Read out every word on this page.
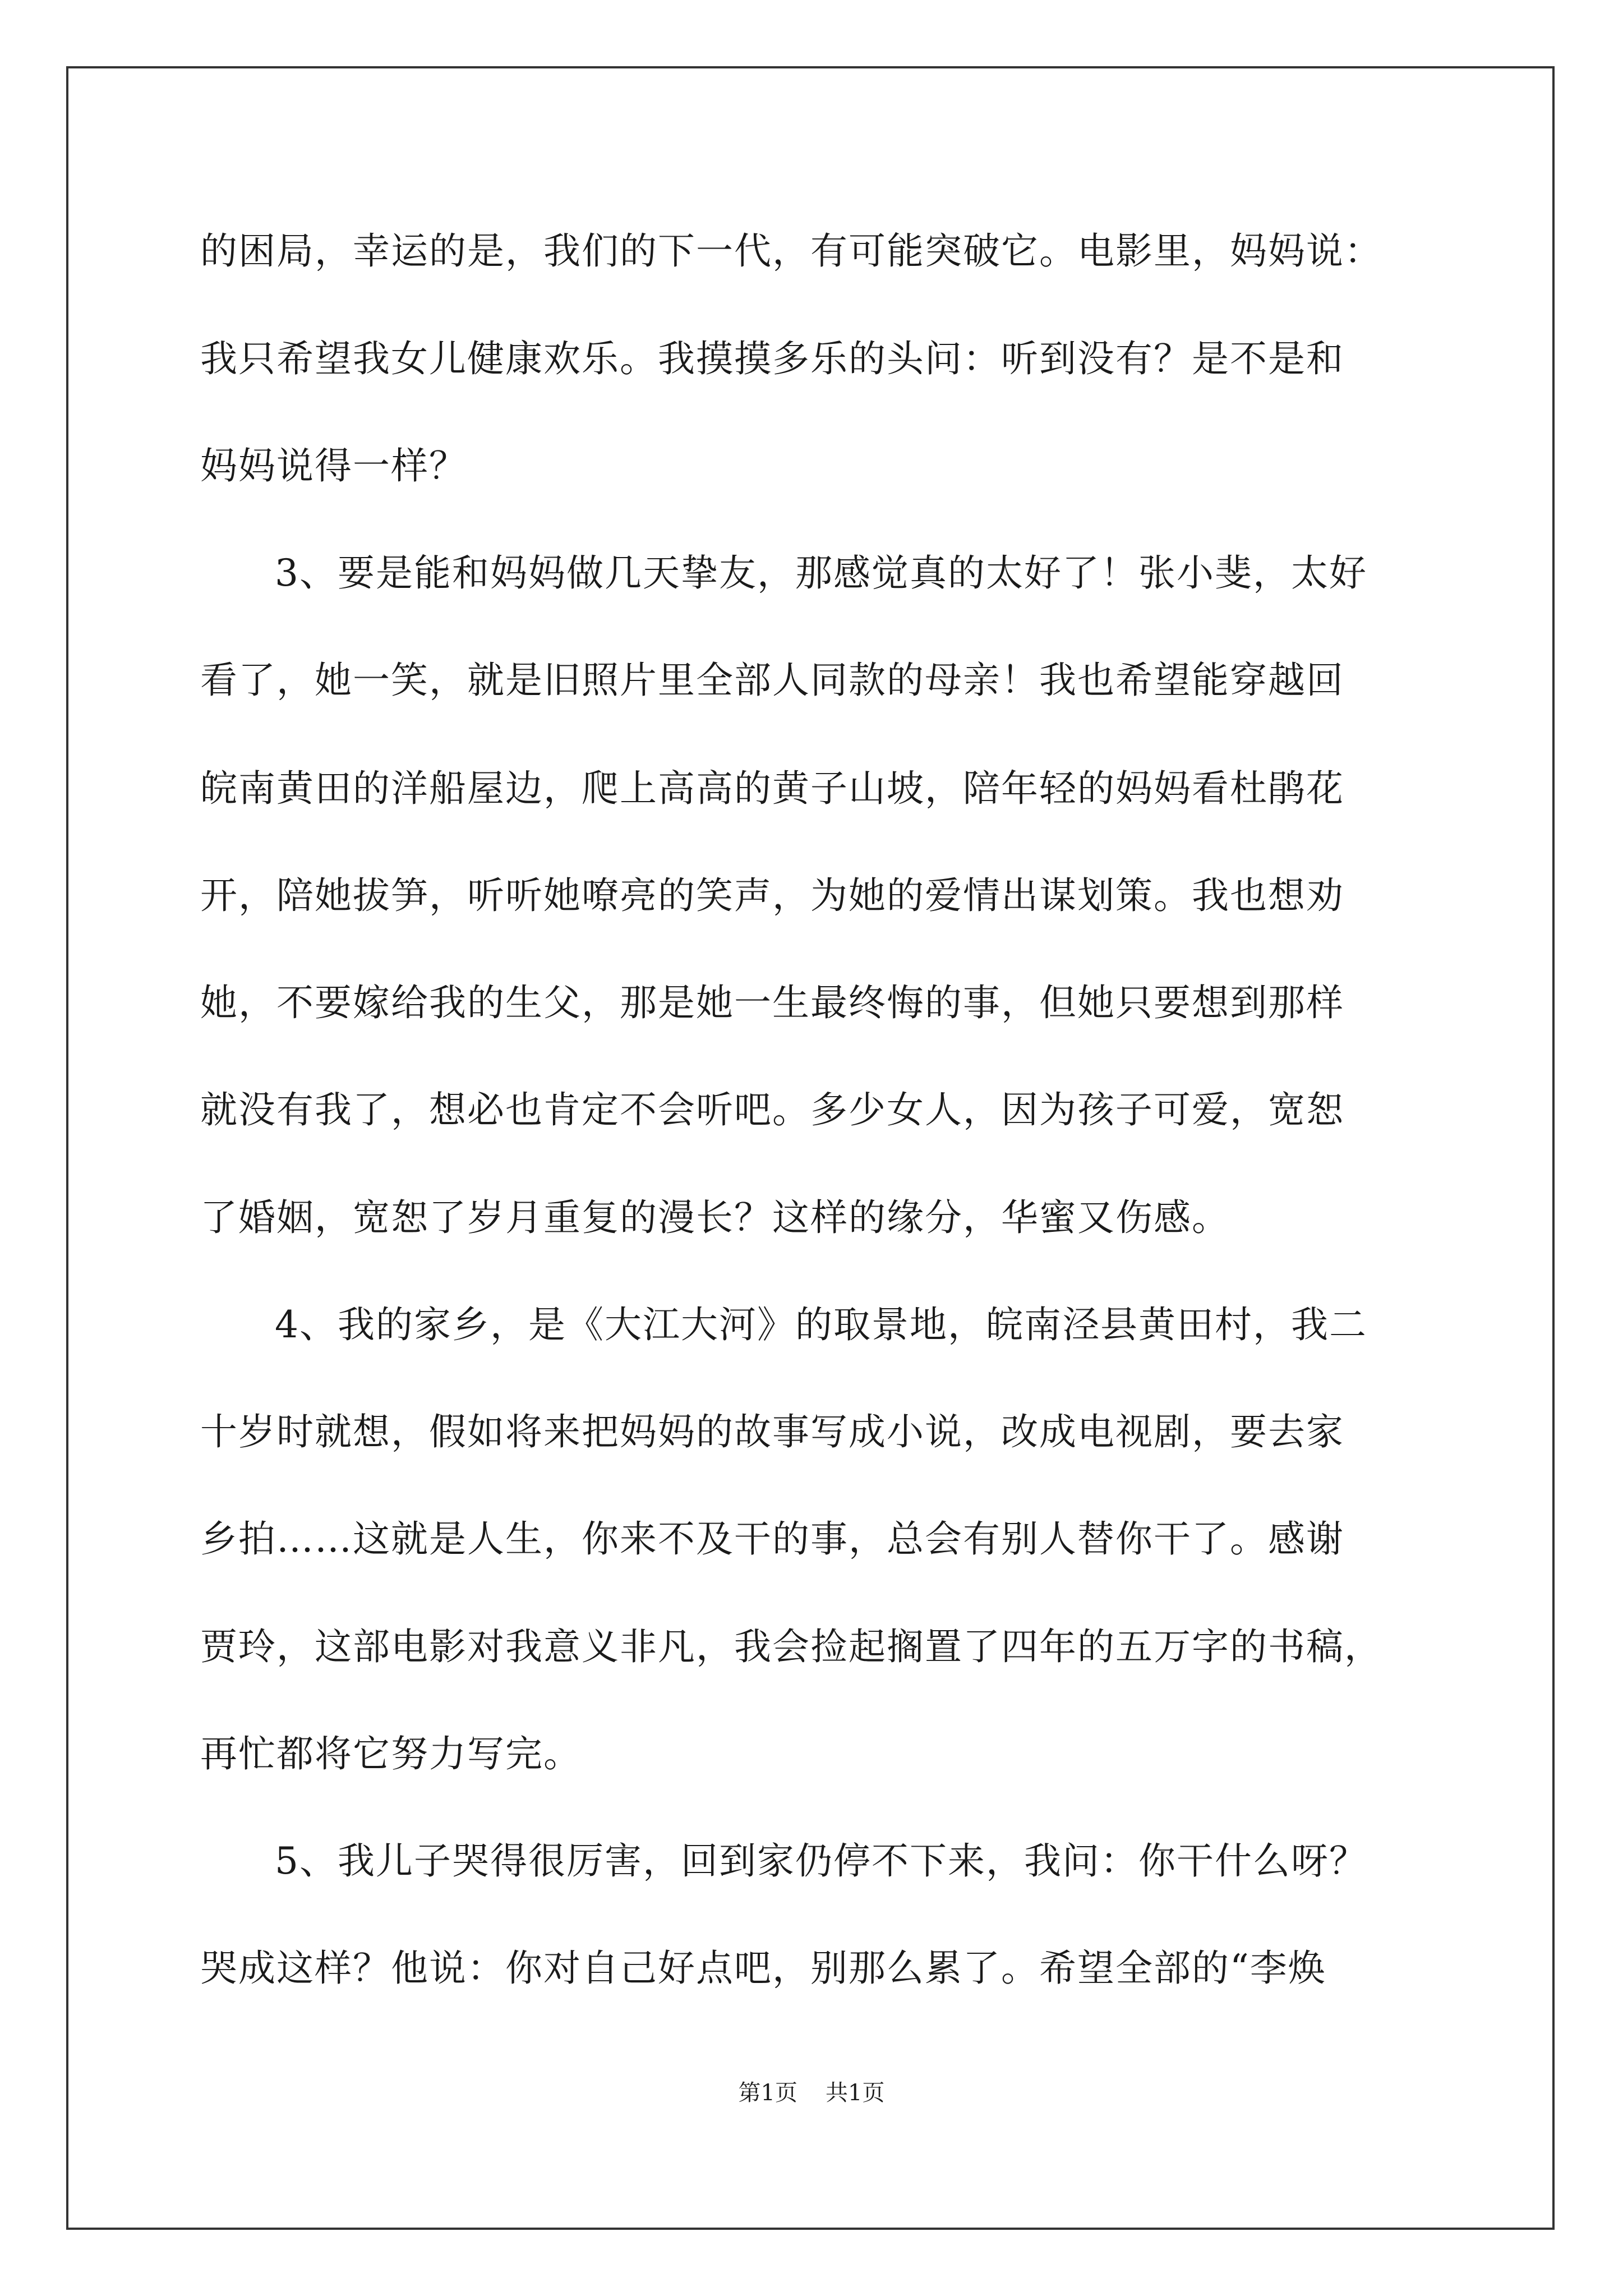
的困局，幸运的是，我们的下一代，有可能突破它。电影里，妈妈说：
我只希望我女儿健康欢乐。我摸摸多乐的头问：听到没有？是不是和
妈妈说得一样？
3、要是能和妈妈做几天挚友，那感觉真的太好了！张小斐，太好
看了，她一笑，就是旧照片里全部人同款的母亲！我也希望能穿越回
皖南黄田的洋船屋边，爬上高高的黄子山坡，陪年轻的妈妈看杜鹃花
开，陪她拔笋，听听她嘹亮的笑声，为她的爱情出谋划策。我也想劝
她，不要嫁给我的生父，那是她一生最终悔的事，但她只要想到那样
就没有我了，想必也肯定不会听吧。多少女人，因为孩子可爱，宽恕
了婚姻，宽恕了岁月重复的漫长？这样的缘分，华蜜又伤感。
4、我的家乡，是《大江大河》的取景地，皖南泾县黄田村，我二
十岁时就想，假如将来把妈妈的故事写成小说，改成电视剧，要去家
乡拍……这就是人生，你来不及干的事，总会有别人替你干了。感谢
贾玲，这部电影对我意义非凡，我会捡起搁置了四年的五万字的书稿，
再忙都将它努力写完。
5、我儿子哭得很厉害，回到家仍停不下来，我问：你干什么呀？
哭成这样？他说：你对自己好点吧，别那么累了。希望全部的“李焕
第1页 共1页
